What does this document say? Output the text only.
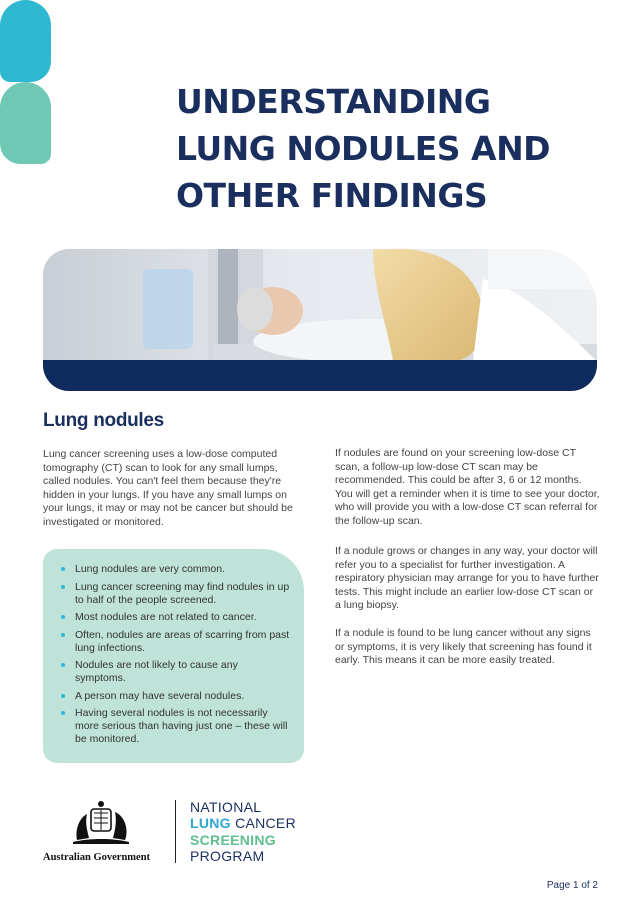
UNDERSTANDING
LUNG NODULES AND
OTHER FINDINGS
Lung nodules

Lung cancer screening uses a low-dose computed tomography (CT) scan to look for any small lumps, called nodules. You can't feel them because they're hidden in your lungs. If you have any small lumps on your lungs, it may or may not be cancer but should be investigated or monitored.

Lung nodules are very common.
Lung cancer screening may find nodules in up to half of the people screened.
Most nodules are not related to cancer.
Often, nodules are areas of scarring from past lung infections.
Nodules are not likely to cause any symptoms.
A person may have several nodules.
Having several nodules is not necessarily more serious than having just one – these will be monitored.

If nodules are found on your screening low-dose CT scan, a follow-up low-dose CT scan may be recommended. This could be after 3, 6 or 12 months. You will get a reminder when it is time to see your doctor, who will provide you with a low-dose CT scan referral for the follow-up scan.

If a nodule grows or changes in any way, your doctor will refer you to a specialist for further investigation. A respiratory physician may arrange for you to have further tests. This might include an earlier low-dose CT scan or a lung biopsy.

If a nodule is found to be lung cancer without any signs or symptoms, it is very likely that screening has found it early. This means it can be more easily treated.

Australian Government
NATIONAL
LUNG CANCER
SCREENING
PROGRAM
Page 1 of 2
